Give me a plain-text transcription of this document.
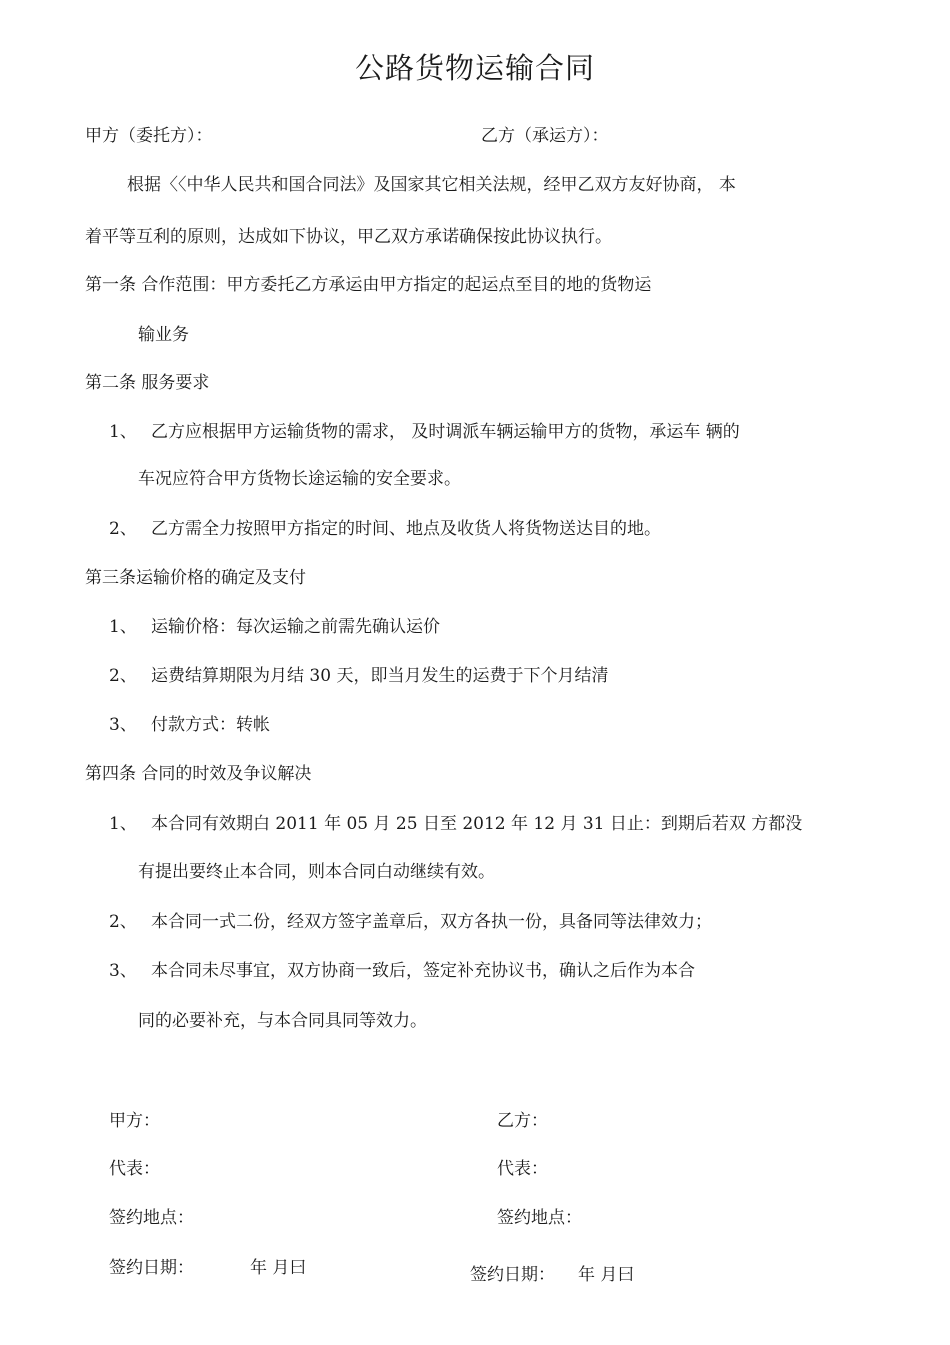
公路货物运输合同
甲方（委托方）：	乙方（承运方）：
根据〈〈中华人民共和国合同法》及国家其它相关法规，经甲乙双方友好协商， 本
着平等互利的原则，达成如下协议，甲乙双方承诺确保按此协议执行。
第一条 合作范围：甲方委托乙方承运由甲方指定的起运点至目的地的货物运
输业务
第二条 服务要求
1、 乙方应根据甲方运输货物的需求， 及时调派车辆运输甲方的货物，承运车 辆的
车况应符合甲方货物长途运输的安全要求。
2、 乙方需全力按照甲方指定的时间、地点及收货人将货物送达目的地。
第三条运输价格的确定及支付
1、 运输价格：每次运输之前需先确认运价
2、 运费结算期限为月结 30 天，即当月发生的运费于下个月结清
3、 付款方式：转帐
第四条 合同的时效及争议解决
1、 本合同有效期白 2011 年 05 月 25 日至 2012 年 12 月 31 日止：到期后若双 方都没
有提出要终止本合同，则本合同白动继续有效。
2、 本合同一式二份，经双方签字盖章后，双方各执一份，具备同等法律效力；
3、 本合同未尽事宜，双方协商一致后，签定补充协议书，确认之后作为本合
同的必要补充，与本合同具同等效力。
甲方：	乙方：
代表：	代表：
签约地点：	签约地点：
签约日期：	年 月曰	签约日期： 年 月曰
